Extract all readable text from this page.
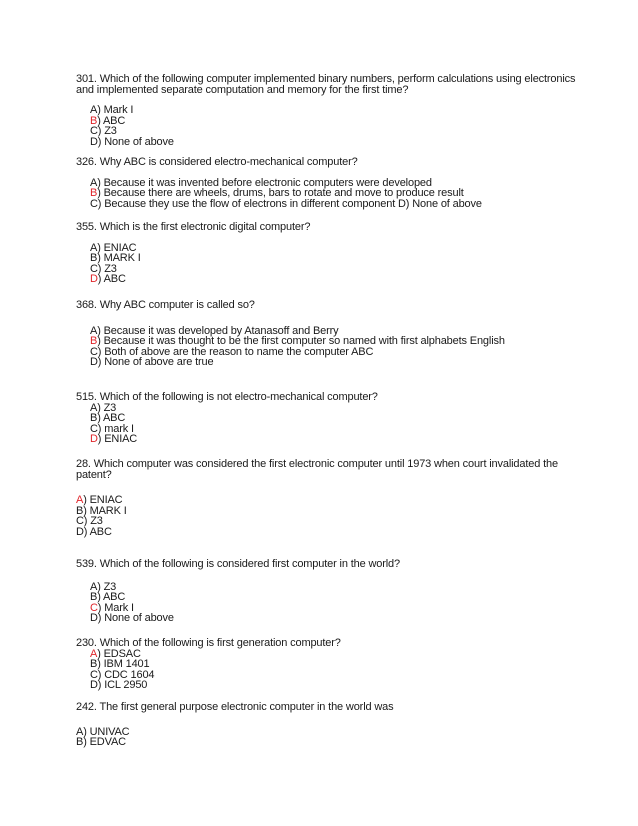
301. Which of the following computer implemented binary numbers, perform calculations using electronics and implemented separate computation and memory for the first time?
A) Mark I
B) ABC
C) Z3
D) None of above
326. Why ABC is considered electro-mechanical computer?
A) Because it was invented before electronic computers were developed
B) Because there are wheels, drums, bars to rotate and move to produce result
C) Because they use the flow of electrons in different component D) None of above
355. Which is the first electronic digital computer?
A) ENIAC
B) MARK I
C) Z3
D) ABC
368. Why ABC computer is called so?
A) Because it was developed by Atanasoff and Berry
B) Because it was thought to be the first computer so named with first alphabets English
C) Both of above are the reason to name the computer ABC
D) None of above are true
515. Which of the following is not electro-mechanical computer?
A) Z3
B) ABC
C) mark I
D) ENIAC
28. Which computer was considered the first electronic computer until 1973 when court invalidated the patent?
A) ENIAC
B) MARK I
C) Z3
D) ABC
539. Which of the following is considered first computer in the world?
A) Z3
B) ABC
C) Mark I
D) None of above
230. Which of the following is first generation computer?
A) EDSAC
B) IBM 1401
C) CDC 1604
D) ICL 2950
242. The first general purpose electronic computer in the world was
A) UNIVAC
B) EDVAC
